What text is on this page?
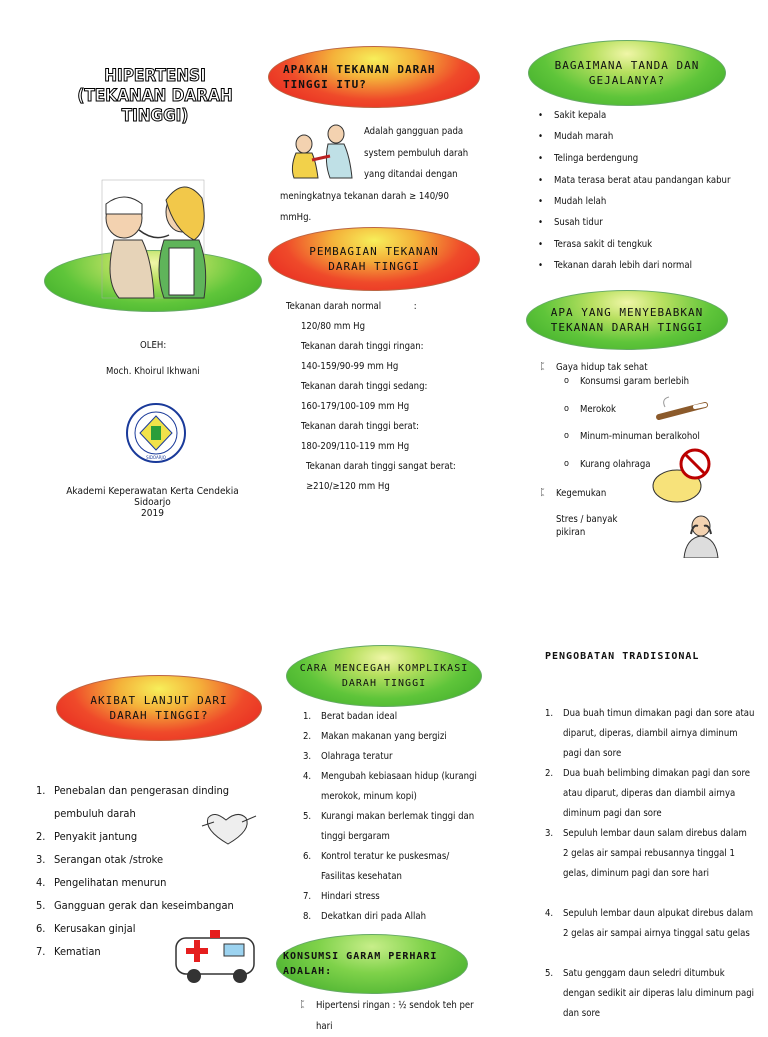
HIPERTENSI
(TEKANAN DARAH TINGGI)
OLEH:
Moch. Khoirul Ikhwani
SIDOARJO
Akademi Keperawatan Kerta Cendekia
Sidoarjo
2019
APAKAH TEKANAN DARAH TINGGI ITU?
Adalah gangguan pada
system pembuluh darah
yang ditandai dengan
meningkatnya tekanan darah ≥ 140/90
mmHg.
PEMBAGIAN TEKANAN DARAH TINGGI
Tekanan darah normal            :
120/80 mm Hg
Tekanan darah tinggi ringan:
140-159/90-99 mm Hg
Tekanan darah tinggi sedang:
160-179/100-109 mm Hg
Tekanan darah tinggi berat:
180-209/110-119 mm Hg
Tekanan darah tinggi sangat berat:
≥210/≥120 mm Hg
BAGAIMANA TANDA DAN GEJALANYA?
• Sakit kepala
• Mudah marah
• Telinga berdengung
• Mata terasa berat atau pandangan kabur
• Mudah lelah
• Susah tidur
• Terasa sakit di tengkuk
• Tekanan darah lebih dari normal
APA YANG MENYEBABKAN TEKANAN DARAH TINGGI
ᛈ Gaya hidup tak sehat
o Konsumsi garam berlebih
o Merokok
o Minum-minuman beralkohol
o Kurang olahraga
ᛈ Kegemukan
ᛈ Stres / banyak pikiran
AKIBAT LANJUT DARI DARAH TINGGI?
1. Penebalan dan pengerasan dinding pembuluh darah
2. Penyakit jantung
3. Serangan otak /stroke
4. Pengelihatan menurun
5. Gangguan gerak dan keseimbangan
6. Kerusakan ginjal
7. Kematian
CARA MENCEGAH KOMPLIKASI DARAH TINGGI
1. Berat badan ideal
2. Makan makanan yang bergizi
3. Olahraga teratur
4. Mengubah kebiasaan hidup (kurangi merokok, minum kopi)
5. Kurangi makan berlemak tinggi dan tinggi bergaram
6. Kontrol teratur ke puskesmas/ Fasilitas kesehatan
7. Hindari stress
8. Dekatkan diri pada Allah
KONSUMSI GARAM PERHARI ADALAH:
ᛈ Hipertensi ringan : ½ sendok teh per hari
PENGOBATAN TRADISIONAL
1. Dua buah timun dimakan pagi dan sore atau diparut, diperas, diambil airnya diminum pagi dan sore
2. Dua buah belimbing dimakan pagi dan sore atau diparut, diperas dan diambil airnya diminum pagi dan sore
3. Sepuluh lembar daun salam direbus dalam 2 gelas air sampai rebusannya tinggal 1 gelas, diminum pagi dan sore hari
4. Sepuluh lembar daun alpukat direbus dalam 2 gelas air sampai airnya tinggal satu gelas
5. Satu genggam daun seledri ditumbuk dengan sedikit air diperas lalu diminum pagi dan sore
